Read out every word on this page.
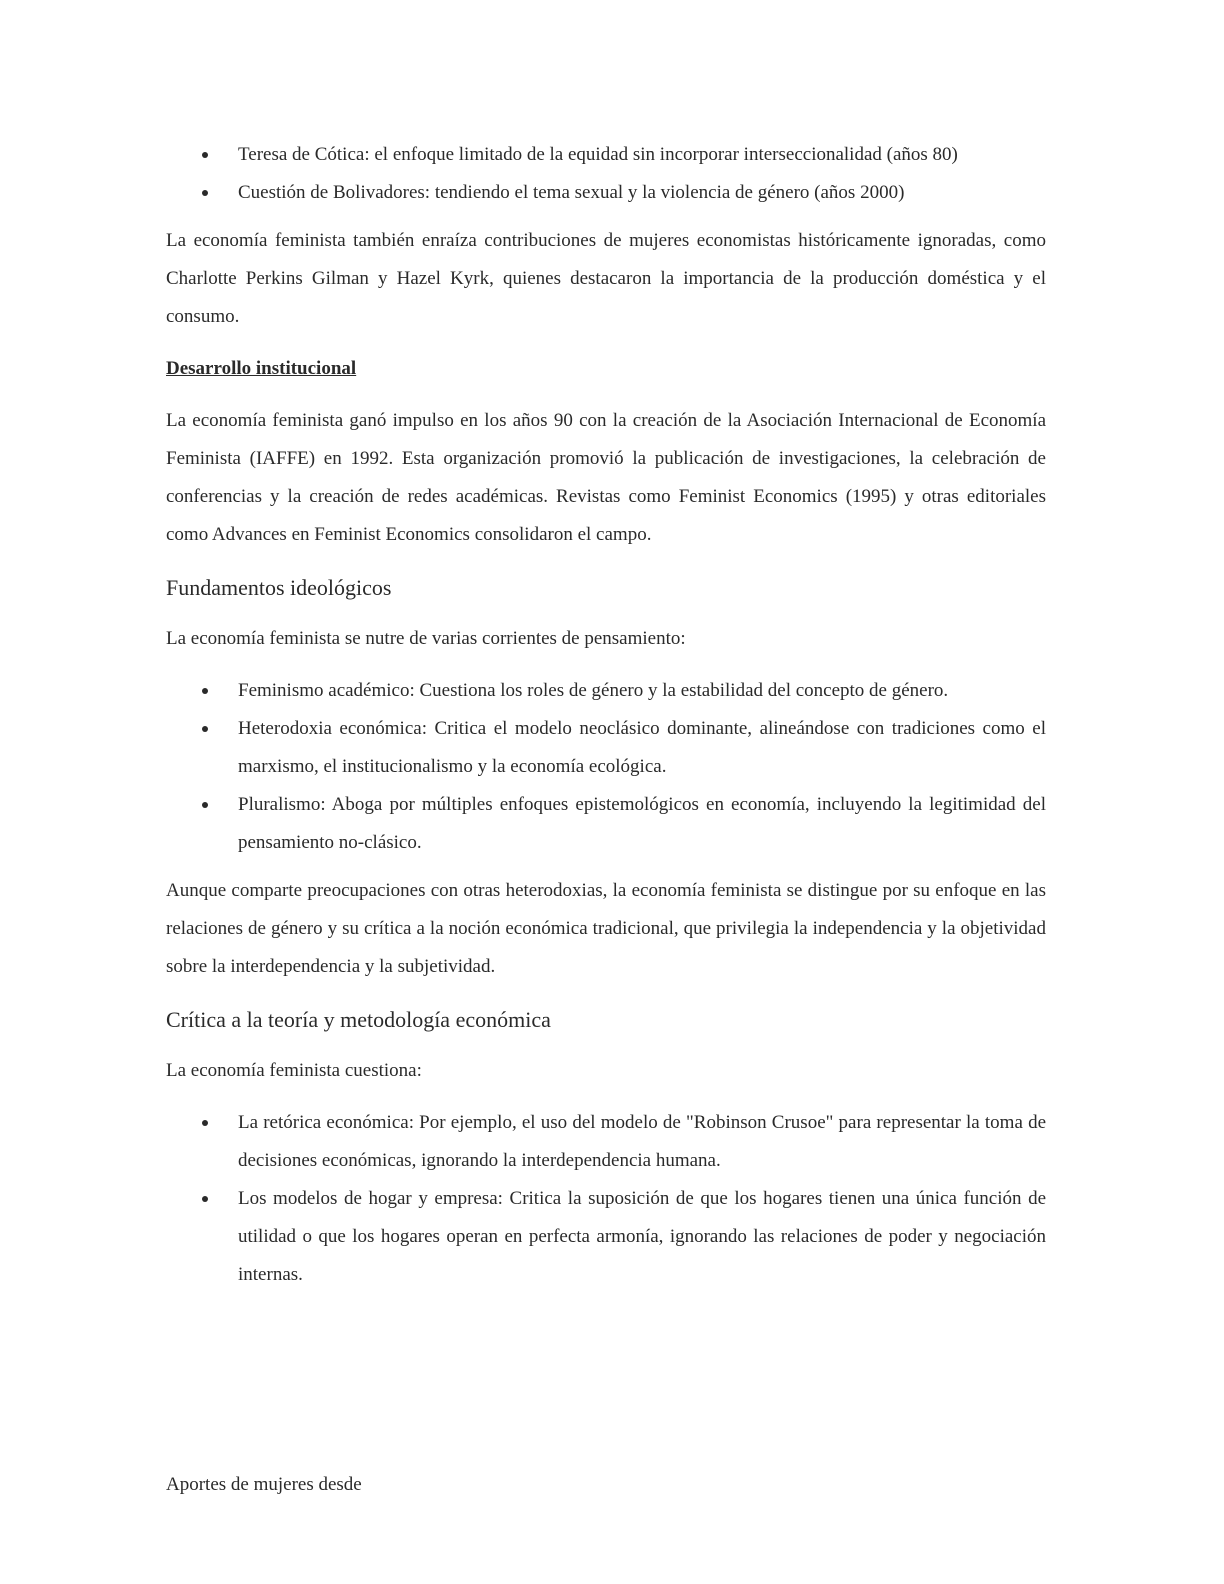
Teresa de Cótica: el enfoque limitado de la equidad sin incorporar interseccionalidad (años 80)
Cuestión de Bolivadores: tendiendo el tema sexual y la violencia de género (años 2000)

La economía feminista también enraíza contribuciones de mujeres economistas históricamente ignoradas, como Charlotte Perkins Gilman y Hazel Kyrk, quienes destacaron la importancia de la producción doméstica y el consumo.

Desarrollo institucional

La economía feminista ganó impulso en los años 90 con la creación de la Asociación Internacional de Economía Feminista (IAFFE) en 1992. Esta organización promovió la publicación de investigaciones, la celebración de conferencias y la creación de redes académicas. Revistas como Feminist Economics (1995) y otras editoriales como Advances en Feminist Economics consolidaron el campo.

Fundamentos ideológicos

La economía feminista se nutre de varias corrientes de pensamiento:

Feminismo académico: Cuestiona los roles de género y la estabilidad del concepto de género.
Heterodoxia económica: Critica el modelo neoclásico dominante, alineándose con tradiciones como el marxismo, el institucionalismo y la economía ecológica.
Pluralismo: Aboga por múltiples enfoques epistemológicos en economía, incluyendo la legitimidad del pensamiento no-clásico.

Aunque comparte preocupaciones con otras heterodoxias, la economía feminista se distingue por su enfoque en las relaciones de género y su crítica a la noción económica tradicional, que privilegia la independencia y la objetividad sobre la interdependencia y la subjetividad.

Crítica a la teoría y metodología económica

La economía feminista cuestiona:

La retórica económica: Por ejemplo, el uso del modelo de "Robinson Crusoe" para representar la toma de decisiones económicas, ignorando la interdependencia humana.
Los modelos de hogar y empresa: Critica la suposición de que los hogares tienen una única función de utilidad o que los hogares operan en perfecta armonía, ignorando las relaciones de poder y negociación internas.
Aportes de mujeres desde
